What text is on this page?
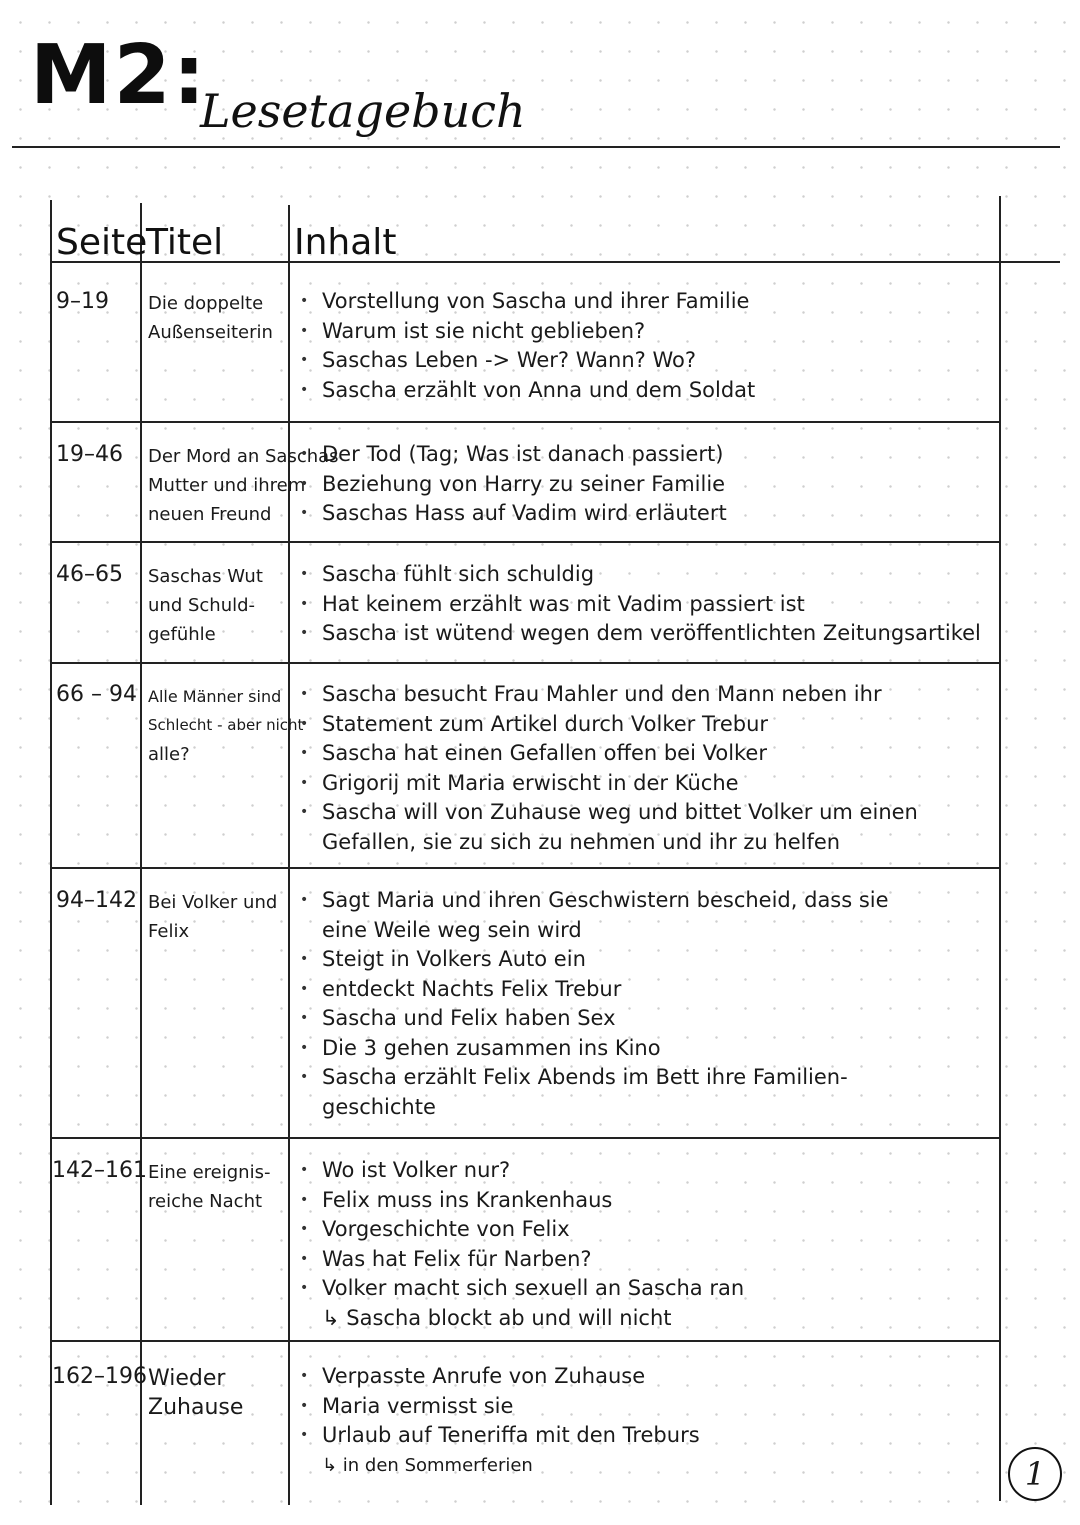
M2:
Lesetagebuch
Seite
Titel Inhalt
9–19 Die doppelte
Außenseiterin
• Vorstellung von Sascha und ihrer Familie
• Warum ist sie nicht geblieben?
• Saschas Leben -> Wer? Wann? Wo?
• Sascha erzählt von Anna und dem Soldat
19–46 Der Mord an Saschas
Mutter und ihrem
neuen Freund
• Der Tod (Tag; Was ist danach passiert)
• Beziehung von Harry zu seiner Familie
• Saschas Hass auf Vadim wird erläutert
46–65 Saschas Wut
und Schuld-
gefühle
• Sascha fühlt sich schuldig
• Hat keinem erzählt was mit Vadim passiert ist
• Sascha ist wütend wegen dem veröffentlichten Zeitungsartikel
66 – 94 Alle Männer sind
Schlecht - aber nicht
alle?
• Sascha besucht Frau Mahler und den Mann neben ihr
• Statement zum Artikel durch Volker Trebur
• Sascha hat einen Gefallen offen bei Volker
• Grigorij mit Maria erwischt in der Küche
• Sascha will von Zuhause weg und bittet Volker um einen
Gefallen, sie zu sich zu nehmen und ihr zu helfen
94–142 Bei Volker und
Felix
• Sagt Maria und ihren Geschwistern bescheid, dass sie
eine Weile weg sein wird
• Steigt in Volkers Auto ein
• entdeckt Nachts Felix Trebur
• Sascha und Felix haben Sex
• Die 3 gehen zusammen ins Kino
• Sascha erzählt Felix Abends im Bett ihre Familien-
geschichte
142–161 Eine ereignis-
reiche Nacht
• Wo ist Volker nur?
• Felix muss ins Krankenhaus
• Vorgeschichte von Felix
• Was hat Felix für Narben?
• Volker macht sich sexuell an Sascha ran
↳ Sascha blockt ab und will nicht
162–196 Wieder
Zuhause
• Verpasste Anrufe von Zuhause
• Maria vermisst sie
• Urlaub auf Teneriffa mit den Treburs
↳ in den Sommerferien	1
